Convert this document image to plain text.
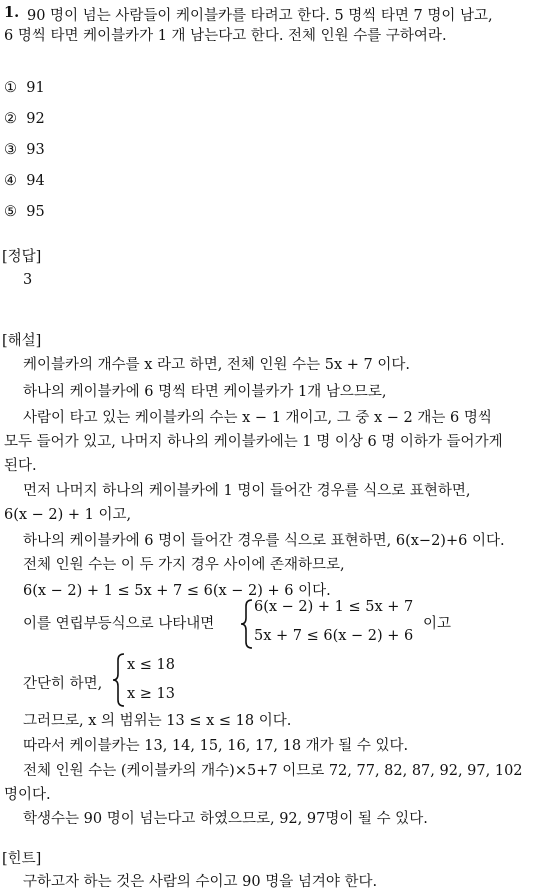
1. 90 명이 넘는 사람들이 케이블카를 타려고 한다. 5 명씩 타면 7 명이 남고,
6 명씩 타면 케이블카가 1 개 남는다고 한다. 전체 인원 수를 구하여라.
① 91
② 92
③ 93
④ 94
⑤ 95
[정답]
3
[해설]
케이블카의 개수를 x 라고 하면, 전체 인원 수는 5x + 7 이다.
하나의 케이블카에 6 명씩 타면 케이블카가 1개 남으므로,
사람이 타고 있는 케이블카의 수는 x − 1 개이고, 그 중 x − 2 개는 6 명씩
모두 들어가 있고, 나머지 하나의 케이블카에는 1 명 이상 6 명 이하가 들어가게
된다.
먼저 나머지 하나의 케이블카에 1 명이 들어간 경우를 식으로 표현하면,
6(x − 2) + 1 이고,
하나의 케이블카에 6 명이 들어간 경우를 식으로 표현하면, 6(x−2)+6 이다.
전체 인원 수는 이 두 가지 경우 사이에 존재하므로,
6(x − 2) + 1 ≤ 5x + 7 ≤ 6(x − 2) + 6 이다.
이를 연립부등식으로 나타내면
6(x − 2) + 1 ≤ 5x + 7
5x + 7 ≤ 6(x − 2) + 6
이고
간단히 하면,
x ≤ 18
x ≥ 13
그러므로, x 의 범위는 13 ≤ x ≤ 18 이다.
따라서 케이블카는 13, 14, 15, 16, 17, 18 개가 될 수 있다.
전체 인원 수는 (케이블카의 개수)×5+7 이므로 72, 77, 82, 87, 92, 97, 102
명이다.
학생수는 90 명이 넘는다고 하였으므로, 92, 97명이 될 수 있다.
[힌트]
구하고자 하는 것은 사람의 수이고 90 명을 넘겨야 한다.
